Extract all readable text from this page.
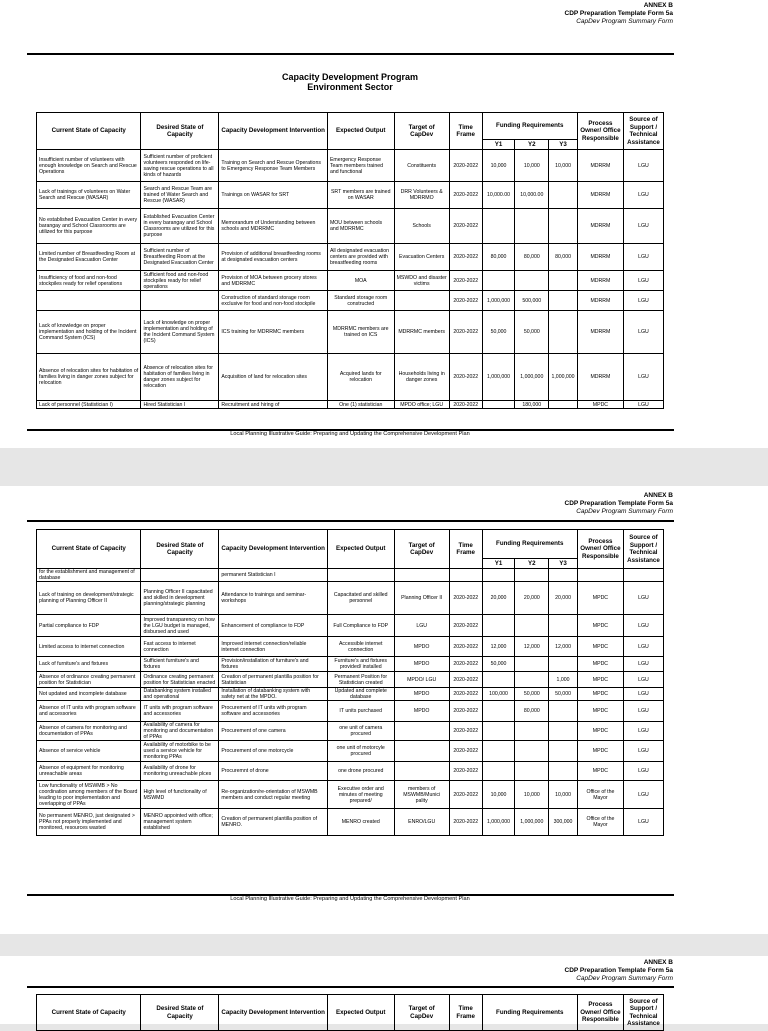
ANNEX B
CDP Preparation Template Form 5a
CapDev Program Summary Form
Capacity Development Program
Environment Sector
Current State of Capacity	Desired State of Capacity	Capacity Development Intervention	Expected Output	Target of CapDev	Time Frame	Funding Requirements			Process Owner/ Office Responsible	Source of Support / Technical Assistance
						Y1	Y2	Y3		
Insufficient number of volunteers with enough knowledge on Search and Rescue Operations	Sufficient number of proficient volunteers responded on life-saving rescue operations to all kinds of hazards	Training on Search and Rescue Operations to Emergency Response Team Members	Emergency Response Team members trained and functional	Constituents	2020-2022	10,000	10,000	10,000	MDRRM	LGU
Lack of trainings of volunteers on Water Search and Rescue (WASAR)	Search and Rescue Team are trained of Water Search and Rescue (WASAR)	Trainings on WASAR for SRT	SRT members are trained on WASAR	DRR Volunteers & MDRRMO	2020-2022	10,000.00	10,000.00		MDRRM	LGU
No established Evacuation Center in every barangay and School Classrooms are utilized for this purpose	Established Evacuation Center in every barangay and School Classrooms are utilized for this purpose	Memorandum of Understanding between schools and MDRRMC	MOU between schools and MDRRMC	Schools	2020-2022				MDRRM	LGU
Limited number of Breastfeeding Room at the Designated Evacuation Center	Sufficient number of Breastfeeding Room at the Designated Evacuation Center	Provision of additional breastfeeding rooms at designated evacuation centers	All designated evacuation centers are provided with breastfeeding rooms	Evacuation Centers	2020-2022	80,000	80,000	80,000	MDRRM	LGU
Insufficiency of food and non-food stockpiles ready for relief operations	Sufficient food and non-food stockpiles ready for relief operations	Provision of MOA between grocery stores and MDRRMC	MOA	MSWDO and disaster victims	2020-2022				MDRRM	LGU
		Construction of standard storage room exclusive for food and non-food stockpile	Standard storage room constructed		2020-2022	1,000,000	500,000		MDRRM	LGU
Lack of knowledge on proper implementation and holding of the Incident Command System (ICS)	Lack of knowledge on proper implementation and holding of the Incident Command System (ICS)	ICS training for MDRRMC members	MDRRMC members are trained on ICS	MDRRMC members	2020-2022	50,000	50,000		MDRRM	LGU
Absence of relocation sites for habitation of families living in danger zones subject for relocation	Absence of relocation sites for habitation of families living in danger zones subject for relocation	Acquisition of land for relocation sites	Acquired lands for relocation	Households living in danger zones	2020-2022	1,000,000	1,000,000	1,000,000	MDRRM	LGU
Lack of personnel (Statistician I)	Hired Statistician I	Recruitment and hiring of	One (1) statistician	MPDO office; LGU	2020-2022		180,000		MPDC	LGU
Local Planning Illustrative Guide: Preparing and Updating the Comprehensive Development Plan
ANNEX B
CDP Preparation Template Form 5a
CapDev Program Summary Form
Current State of Capacity	Desired State of Capacity	Capacity Development Intervention	Expected Output	Target of CapDev	Time Frame	Funding Requirements			Process Owner/ Office Responsible	Source of Support / Technical Assistance
						Y1	Y2	Y3		
for the establishment and management of database		permanent Statistician I								
Lack of training on development/strategic planning of Planning Officer II	Planning Officer II capacitated and skilled in development planning/strategic planning	Attendance to trainings and seminar-workshops	Capacitated and skilled personnel	Planning Officer II	2020-2022	20,000	20,000	20,000	MPDC	LGU
Partial compliance to FDP	Improved transparency on how the LGU budget is managed, disbursed and used	Enhancement of compliance to FDP	Full Compliance to FDP	LGU	2020-2022				MPDC	LGU
Limited access to internet connection	Fast access to internet connection	Improved internet connection/reliable internet connection	Accessible internet connection	MPDO	2020-2022	12,000	12,000	12,000	MPDC	LGU
Lack of furniture's and fixtures	Sufficient furniture's and fixtures	Provision/installation of furniture's and fixtures	Furniture's and fixtures provided/ installed	MPDO	2020-2022	50,000			MPDC	LGU
Absence of ordinance creating permanent position for Statistician	Ordinance creating permanent position for Statistician enacted	Creation of permanent plantilla position for Statistician	Permanent Position for Statistician created	MPDO/ LGU	2020-2022			1,000	MPDC	LGU
Not updated and incomplete database	Databanking system installed and operational	Installation of databanking system with safety net at the MPDO.	Updated and complete database	MPDO	2020-2022	100,000	50,000	50,000	MPDC	LGU
Absence of IT units with program software and accessories	IT units with program software and accessories	Procurement of IT units with program software and accessories	IT units purchased	MPDO	2020-2022		80,000		MPDC	LGU
Absence of camera for monitoring and documentation of PPAs	Availability of camera for monitoring and documentation of PPAs	Procurement of one camera	one unit of camera procured		2020-2022				MPDC	LGU
Absence of service vehicle	Availability of motorbike to be used a service vehicle for monitoring PPAs	Procurement of one motorcycle	one unit of motorcyle procured		2020-2022				MPDC	LGU
Absence of equipment for monitoring unreachable areas	Availability of drone for monitoring unreachable plces	Procuremnt of drone	one drone procured		2020-2022				MPDC	LGU
Low functionality of MSWMB > No coordination among members of the Board leading to poor implementation and overlapping of PPAs	High level of functionality of MSWMD	Re-organization/re-orientation of MSWMB members and conduct regular meeting	Executive order and minutes of meeting prepared/	members of MSWMB/Munici pality	2020-2022	10,000	10,000	10,000	Office of the Mayor	LGU
No permanent MENRO, just designated > PPAs not properly implemented and monitored, resources wasted	MENRO appointed with office; management system established	Creation of permanent plantilla position of MENRO.	MENRO created	ENRO/LGU	2020-2022	1,000,000	1,000,000	300,000	Office of the Mayor	LGU
Local Planning Illustrative Guide: Preparing and Updating the Comprehensive Development Plan
ANNEX B
CDP Preparation Template Form 5a
CapDev Program Summary Form
Current State of Capacity	Desired State of Capacity	Capacity Development Intervention	Expected Output	Target of CapDev	Time Frame	Funding Requirements	Process Owner/ Office Responsible	Source of Support / Technical Assistance
